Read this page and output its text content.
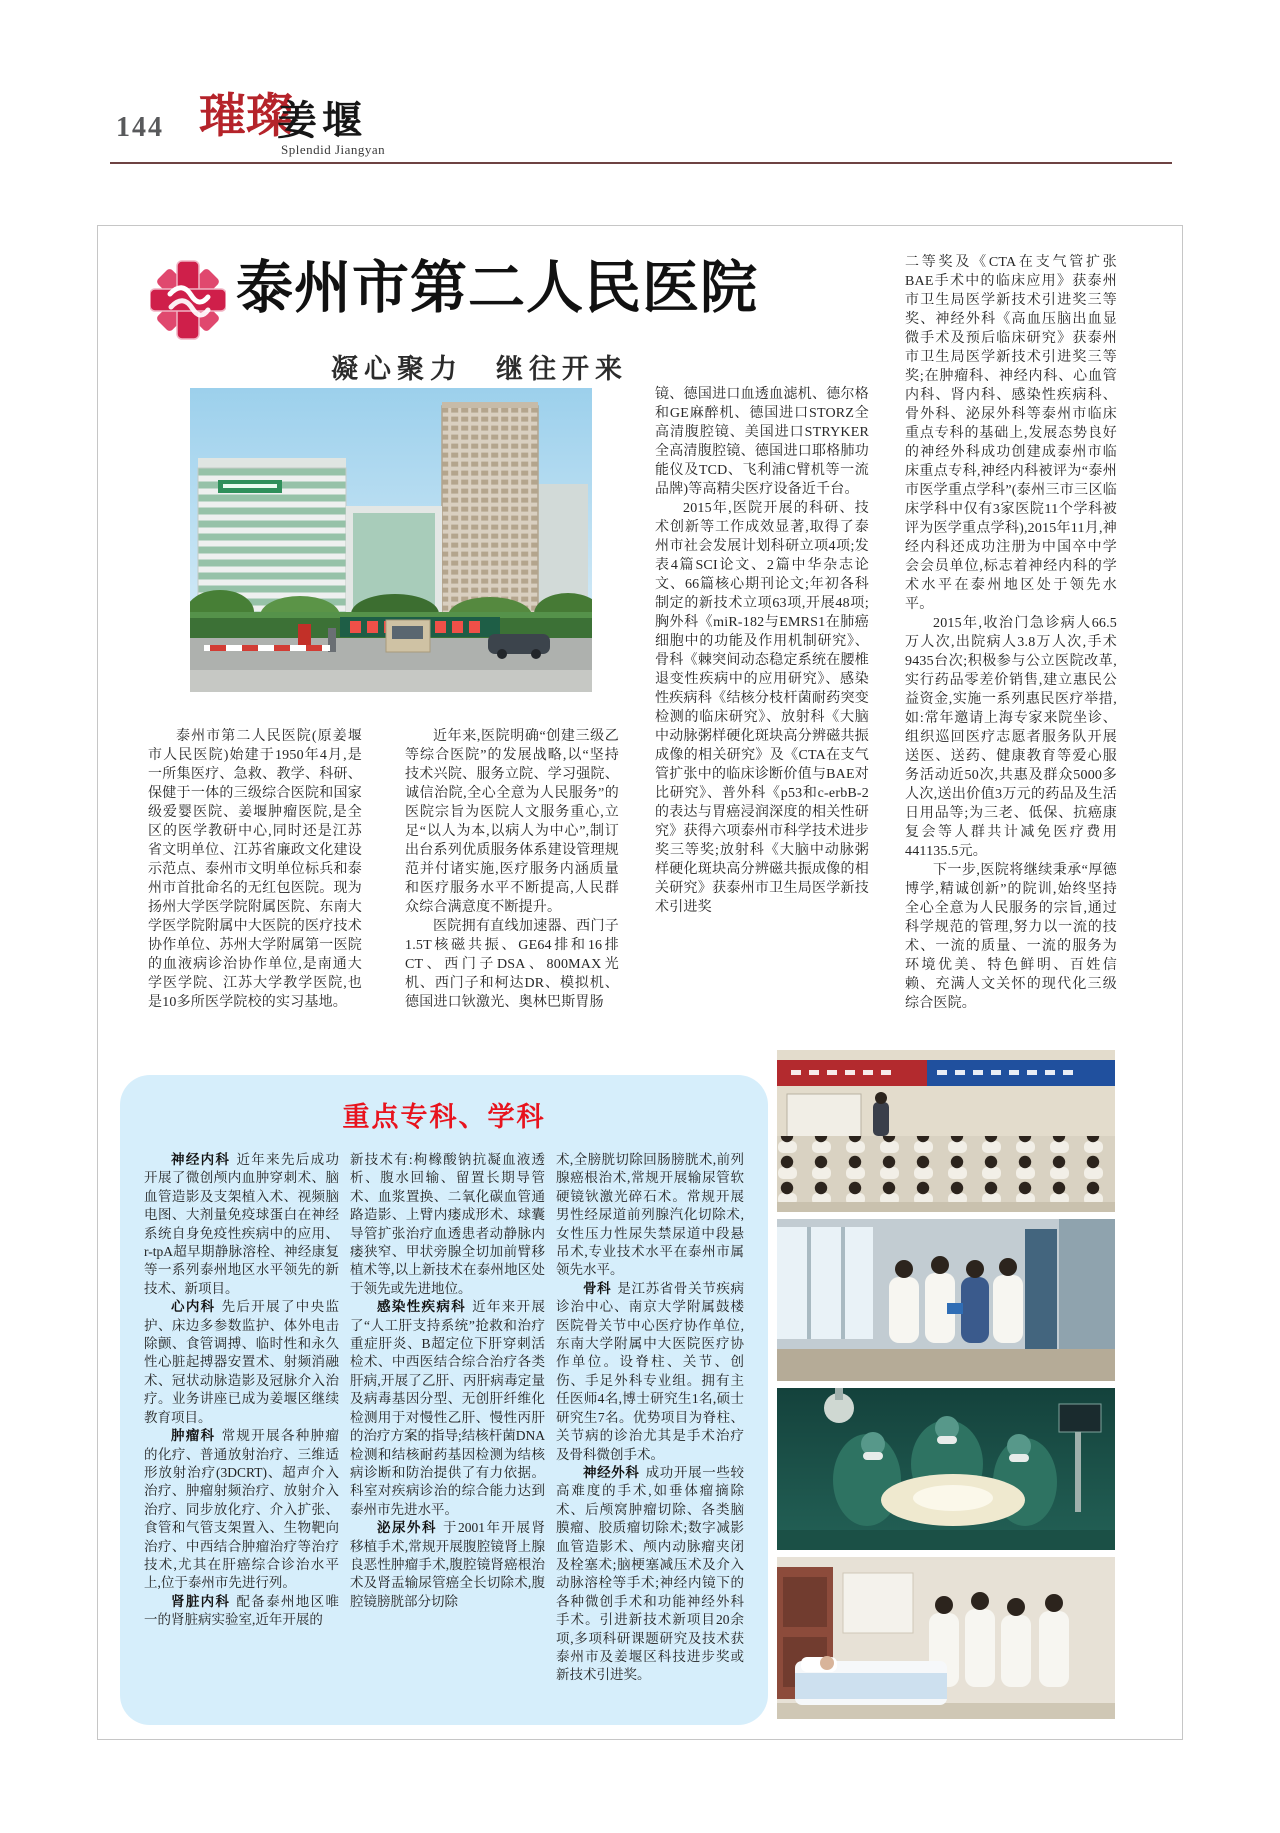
144 璀璨
姜堰
Splendid Jiangyan
泰州市第二人民医院
凝心聚力　继往开来

泰州市第二人民医院(原姜堰市人民医院)始建于1950年4月,是一所集医疗、急救、教学、科研、保健于一体的三级综合医院和国家级爱婴医院、姜堰肿瘤医院,是全区的医学教研中心,同时还是江苏省文明单位、江苏省廉政文化建设示范点、泰州市文明单位标兵和泰州市首批命名的无红包医院。现为扬州大学医学院附属医院、东南大学医学院附属中大医院的医疗技术协作单位、苏州大学附属第一医院的血液病诊治协作单位,是南通大学医学院、江苏大学教学医院,也是10多所医学院校的实习基地。

近年来,医院明确“创建三级乙等综合医院”的发展战略,以“坚持技术兴院、服务立院、学习强院、诚信治院,全心全意为人民服务”的医院宗旨为医院人文服务重心,立足“以人为本,以病人为中心”,制订出台系列优质服务体系建设管理规范并付诸实施,医疗服务内涵质量和医疗服务水平不断提高,人民群众综合满意度不断提升。

医院拥有直线加速器、西门子1.5T核磁共振、GE64排和16排CT、西门子DSA、800MAX光机、西门子和柯达DR、模拟机、德国进口钬激光、奥林巴斯胃肠

镜、德国进口血透血滤机、德尔格和GE麻醉机、德国进口STORZ全高清腹腔镜、美国进口STRYKER全高清腹腔镜、德国进口耶格肺功能仪及TCD、飞利浦C臂机等一流品牌)等高精尖医疗设备近千台。

2015年,医院开展的科研、技术创新等工作成效显著,取得了泰州市社会发展计划科研立项4项;发表4篇SCI论文、2篇中华杂志论文、66篇核心期刊论文;年初各科制定的新技术立项63项,开展48项;胸外科《miR-182与EMRS1在肺癌细胞中的功能及作用机制研究》、骨科《棘突间动态稳定系统在腰椎退变性疾病中的应用研究》、感染性疾病科《结核分枝杆菌耐药突变检测的临床研究》、放射科《大脑中动脉粥样硬化斑块高分辨磁共振成像的相关研究》及《CTA在支气管扩张中的临床诊断价值与BAE对比研究》、普外科《p53和c-erbB-2的表达与胃癌浸润深度的相关性研究》获得六项泰州市科学技术进步奖三等奖;放射科《大脑中动脉粥样硬化斑块高分辨磁共振成像的相关研究》获泰州市卫生局医学新技术引进奖

二等奖及《CTA在支气管扩张BAE手术中的临床应用》获泰州市卫生局医学新技术引进奖三等奖、神经外科《高血压脑出血显微手术及预后临床研究》获泰州市卫生局医学新技术引进奖三等奖;在肿瘤科、神经内科、心血管内科、肾内科、感染性疾病科、骨外科、泌尿外科等泰州市临床重点专科的基础上,发展态势良好的神经外科成功创建成泰州市临床重点专科,神经内科被评为“泰州市医学重点学科”(泰州三市三区临床学科中仅有3家医院11个学科被评为医学重点学科),2015年11月,神经内科还成功注册为中国卒中学会会员单位,标志着神经内科的学术水平在泰州地区处于领先水平。

2015年,收治门急诊病人66.5万人次,出院病人3.8万人次,手术9435台次;积极参与公立医院改革,实行药品零差价销售,建立惠民公益资金,实施一系列惠民医疗举措,如:常年邀请上海专家来院坐诊、组织巡回医疗志愿者服务队开展送医、送药、健康教育等爱心服务活动近50次,共惠及群众5000多人次,送出价值3万元的药品及生活日用品等;为三老、低保、抗癌康复会等人群共计减免医疗费用441135.5元。

下一步,医院将继续秉承“厚德博学,精诚创新”的院训,始终坚持全心全意为人民服务的宗旨,通过科学规范的管理,努力以一流的技术、一流的质量、一流的服务为环境优美、特色鲜明、百姓信赖、充满人文关怀的现代化三级综合医院。

重点专科、学科

神经内科 近年来先后成功开展了微创颅内血肿穿刺术、脑血管造影及支架植入术、视频脑电图、大剂量免疫球蛋白在神经系统自身免疫性疾病中的应用、r-tpA超早期静脉溶栓、神经康复等一系列泰州地区水平领先的新技术、新项目。

心内科 先后开展了中央监护、床边多参数监护、体外电击除颤、食管调搏、临时性和永久性心脏起搏器安置术、射频消融术、冠状动脉造影及冠脉介入治疗。业务讲座已成为姜堰区继续教育项目。

肿瘤科 常规开展各种肿瘤的化疗、普通放射治疗、三维适形放射治疗(3DCRT)、超声介入治疗、肿瘤射频治疗、放射介入治疗、同步放化疗、介入扩张、食管和气管支架置入、生物靶向治疗、中西结合肿瘤治疗等治疗技术,尤其在肝癌综合诊治水平上,位于泰州市先进行列。

肾脏内科 配备泰州地区唯一的肾脏病实验室,近年开展的

新技术有:枸橼酸钠抗凝血液透析、腹水回输、留置长期导管术、血浆置换、二氧化碳血管通路造影、上臂内瘘成形术、球囊导管扩张治疗血透患者动静脉内瘘狭窄、甲状旁腺全切加前臂移植术等,以上新技术在泰州地区处于领先或先进地位。

感染性疾病科 近年来开展了“人工肝支持系统”抢救和治疗重症肝炎、B超定位下肝穿刺活检术、中西医结合综合治疗各类肝病,开展了乙肝、丙肝病毒定量及病毒基因分型、无创肝纤维化检测用于对慢性乙肝、慢性丙肝的治疗方案的指导;结核杆菌DNA检测和结核耐药基因检测为结核病诊断和防治提供了有力依据。科室对疾病诊治的综合能力达到泰州市先进水平。

泌尿外科 于2001年开展肾移植手术,常规开展腹腔镜肾上腺良恶性肿瘤手术,腹腔镜肾癌根治术及肾盂输尿管癌全长切除术,腹腔镜膀胱部分切除

术,全膀胱切除回肠膀胱术,前列腺癌根治术,常规开展输尿管软硬镜钬激光碎石术。常规开展男性经尿道前列腺汽化切除术,女性压力性尿失禁尿道中段悬吊术,专业技术水平在泰州市属领先水平。

骨科 是江苏省骨关节疾病诊治中心、南京大学附属鼓楼医院骨关节中心医疗协作单位,东南大学附属中大医院医疗协作单位。设脊柱、关节、创伤、手足外科专业组。拥有主任医师4名,博士研究生1名,硕士研究生7名。优势项目为脊柱、关节病的诊治尤其是手术治疗及骨科微创手术。

神经外科 成功开展一些较高难度的手术,如垂体瘤摘除术、后颅窝肿瘤切除、各类脑膜瘤、胶质瘤切除术;数字减影血管造影术、颅内动脉瘤夹闭及栓塞术;脑梗塞减压术及介入动脉溶栓等手术;神经内镜下的各种微创手术和功能神经外科手术。引进新技术新项目20余项,多项科研课题研究及技术获泰州市及姜堰区科技进步奖或新技术引进奖。
